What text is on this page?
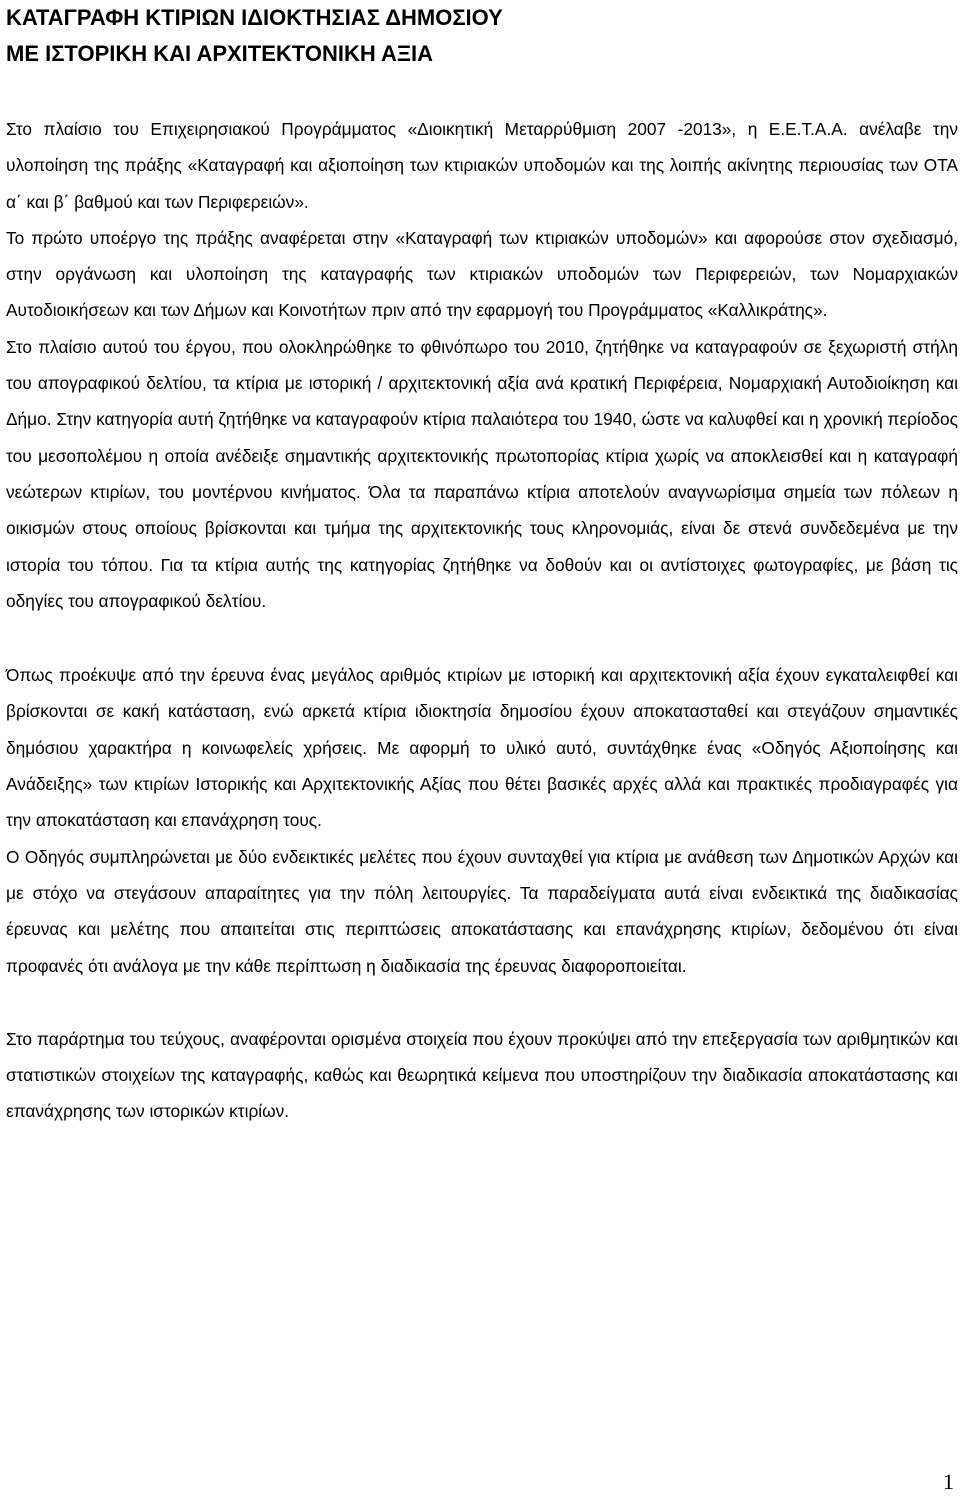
ΚΑΤΑΓΡΑΦΗ ΚΤΙΡΙΩΝ ΙΔΙΟΚΤΗΣΙΑΣ ΔΗΜΟΣΙΟΥ
ΜΕ ΙΣΤΟΡΙΚΗ ΚΑΙ ΑΡΧΙΤΕΚΤΟΝΙΚΗ ΑΞΙΑ

Στο πλαίσιο του Επιχειρησιακού Προγράμματος «Διοικητική Μεταρρύθμιση 2007 -2013», η Ε.Ε.Τ.Α.Α. ανέλαβε την υλοποίηση της πράξης «Καταγραφή και αξιοποίηση των κτιριακών υποδομών και της λοιπής ακίνητης περιουσίας των ΟΤΑ α΄ και β΄ βαθμού και των Περιφερειών».

Το πρώτο υποέργο της πράξης αναφέρεται στην «Καταγραφή των κτιριακών υποδομών» και αφορούσε στον σχεδιασμό, στην οργάνωση και υλοποίηση της καταγραφής των κτιριακών υποδομών των Περιφερειών, των Νομαρχιακών Αυτοδιοικήσεων και των Δήμων και Κοινοτήτων πριν από την εφαρμογή του Προγράμματος «Καλλικράτης».

Στο πλαίσιο αυτού του έργου, που ολοκληρώθηκε το φθινόπωρο του 2010, ζητήθηκε να καταγραφούν σε ξεχωριστή στήλη του απογραφικού δελτίου, τα κτίρια με ιστορική / αρχιτεκτονική αξία ανά κρατική Περιφέρεια, Νομαρχιακή Αυτοδιοίκηση και Δήμο. Στην κατηγορία αυτή ζητήθηκε να καταγραφούν κτίρια παλαιότερα του 1940, ώστε να καλυφθεί και η χρονική περίοδος του μεσοπολέμου η οποία ανέδειξε σημαντικής αρχιτεκτονικής πρωτοπορίας κτίρια χωρίς να αποκλεισθεί και η καταγραφή νεώτερων κτιρίων, του μοντέρνου κινήματος. Όλα τα παραπάνω κτίρια αποτελούν αναγνωρίσιμα σημεία των πόλεων η οικισμών στους οποίους βρίσκονται και τμήμα της αρχιτεκτονικής τους κληρονομιάς, είναι δε στενά συνδεδεμένα με την ιστορία του τόπου. Για τα κτίρια αυτής της κατηγορίας ζητήθηκε να δοθούν και οι αντίστοιχες φωτογραφίες, με βάση τις οδηγίες του απογραφικού δελτίου.

Όπως προέκυψε από την έρευνα ένας μεγάλος αριθμός κτιρίων με ιστορική και αρχιτεκτονική αξία έχουν εγκαταλειφθεί και βρίσκονται σε κακή κατάσταση, ενώ αρκετά κτίρια ιδιοκτησία δημοσίου έχουν αποκατασταθεί και στεγάζουν σημαντικές δημόσιου χαρακτήρα η κοινωφελείς χρήσεις. Με αφορμή το υλικό αυτό, συντάχθηκε ένας «Οδηγός Αξιοποίησης και Ανάδειξης» των κτιρίων Ιστορικής και Αρχιτεκτονικής Αξίας που θέτει βασικές αρχές αλλά και πρακτικές προδιαγραφές για την αποκατάσταση και επανάχρηση τους.

Ο Οδηγός συμπληρώνεται με δύο ενδεικτικές μελέτες που έχουν συνταχθεί για κτίρια με ανάθεση των Δημοτικών Αρχών και με στόχο να στεγάσουν απαραίτητες για την πόλη λειτουργίες. Τα παραδείγματα αυτά είναι ενδεικτικά της διαδικασίας έρευνας και μελέτης που απαιτείται στις περιπτώσεις αποκατάστασης και επανάχρησης κτιρίων, δεδομένου ότι είναι προφανές ότι ανάλογα με την κάθε περίπτωση η διαδικασία της έρευνας διαφοροποιείται.

Στο παράρτημα του τεύχους, αναφέρονται ορισμένα στοιχεία που έχουν προκύψει από την επεξεργασία των αριθμητικών και στατιστικών στοιχείων της καταγραφής, καθώς και θεωρητικά κείμενα που υποστηρίζουν την διαδικασία αποκατάστασης και επανάχρησης των ιστορικών κτιρίων.

1
